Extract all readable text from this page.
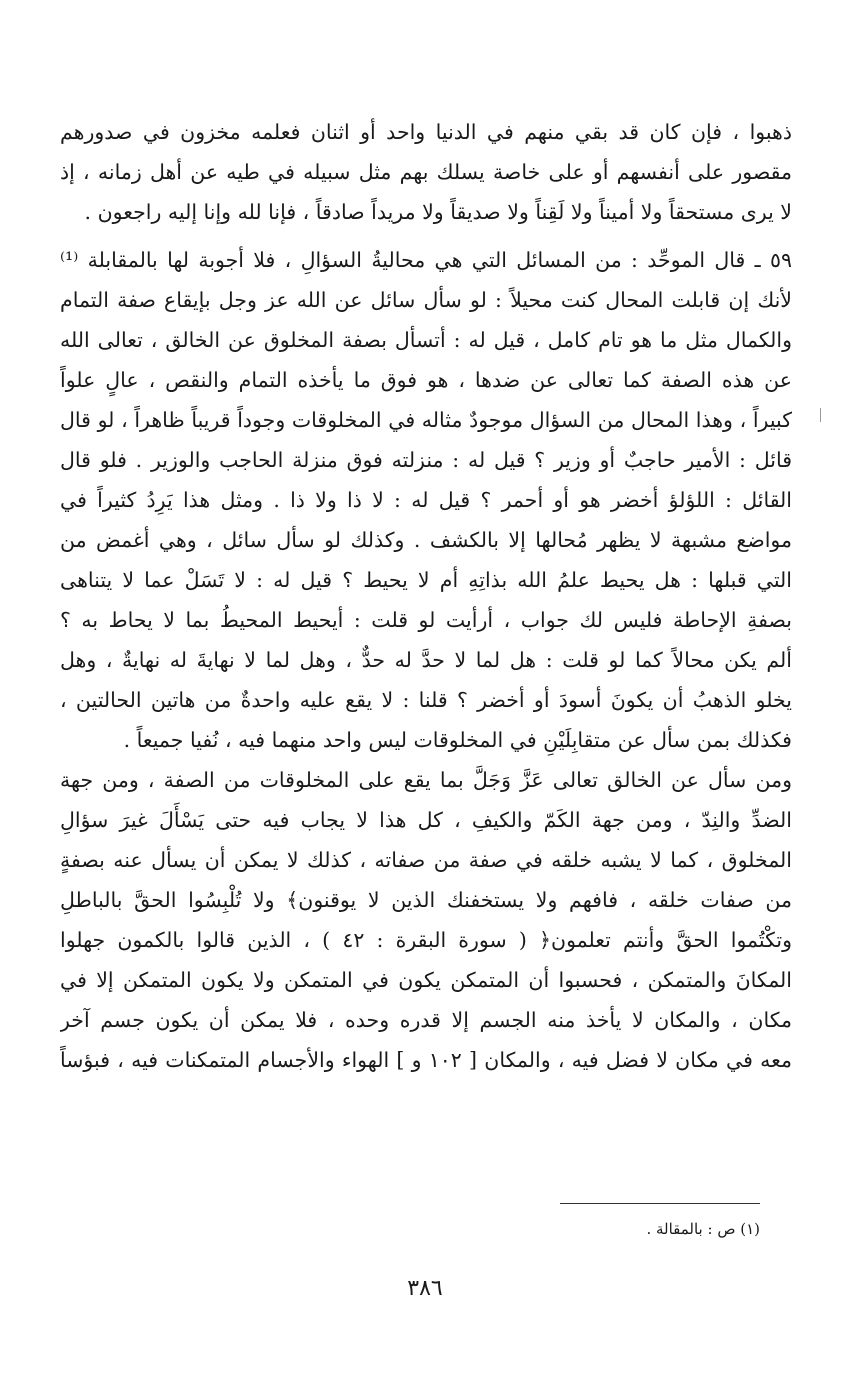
ذهبوا ، فإن كان قد بقي منهم في الدنيا واحد أو اثنان فعلمه مخزون في صدورهم
مقصور على أنفسهم أو على خاصة يسلك بهم مثل سبيله في طيه عن أهل زمانه ، إذ
لا يرى مستحقاً ولا أميناً ولا لَقِناً ولا صديقاً ولا مريداً صادقاً ، فإنا لله وإنا إليه راجعون .
٥٩ ـ قال الموحِّد : من المسائل التي هي محاليةُ السؤالِ ، فلا أجوبة لها بالمقابلة ⁽¹⁾
لأنك إن قابلت المحال كنت محيلاً : لو سأل سائل عن الله عز وجل بإيقاع صفة التمام
والكمال مثل ما هو تام كامل ، قيل له : أتسأل بصفة المخلوق عن الخالق ، تعالى الله
عن هذه الصفة كما تعالى عن ضدها ، هو فوق ما يأخذه التمام والنقص ، عالٍ علواً
كبيراً ، وهذا المحال من السؤال موجودٌ مثاله في المخلوقات وجوداً قريباً ظاهراً ، لو قال
قائل : الأمير حاجبٌ أو وزير ؟ قيل له : منزلته فوق منزلة الحاجب والوزير . فلو قال
القائل : اللؤلؤ أخضر هو أو أحمر ؟ قيل له : لا ذا ولا ذا . ومثل هذا يَرِدُ كثيراً في
مواضع مشبهة لا يظهر مُحالها إلا بالكشف . وكذلك لو سأل سائل ، وهي أغمض من
التي قبلها : هل يحيط علمُ الله بذاتِهِ أم لا يحيط ؟ قيل له : لا تَسَلْ عما لا يتناهى
بصفةِ الإحاطة فليس لك جواب ، أرأيت لو قلت : أيحيط المحيطُ بما لا يحاط به ؟
ألم يكن محالاً كما لو قلت : هل لما لا حدَّ له حدٌّ ، وهل لما لا نهايةَ له نهايةٌ ، وهل
يخلو الذهبُ أن يكونَ أسودَ أو أخضر ؟ قلنا : لا يقع عليه واحدةٌ من هاتين الحالتين ،
فكذلك بمن سأل عن متقابِلَيْنِ في المخلوقات ليس واحد منهما فيه ، نُفيا جميعاً .
ومن سأل عن الخالق تعالى عَزَّ وَجَلَّ بما يقع على المخلوقات من الصفة ، ومن جهة
الضدِّ والنِدّ ، ومن جهة الكَمّ والكيفِ ، كل هذا لا يجاب فيه حتى يَسْأَلَ غيرَ سؤالِ
المخلوق ، كما لا يشبه خلقه في صفة من صفاته ، كذلك لا يمكن أن يسأل عنه بصفةٍ
من صفات خلقه ، فافهم ولا يستخفنك الذين لا يوقنون﴾ ولا تُلْبِسُوا الحقَّ بالباطلِ
وتكْتُموا الحقَّ وأنتم تعلمون﴿ ( سورة البقرة : ٤٢ ) ، الذين قالوا بالكمون جهلوا
المكانَ والمتمكن ، فحسبوا أن المتمكن يكون في المتمكن ولا يكون المتمكن إلا في
مكان ، والمكان لا يأخذ منه الجسم إلا قدره وحده ، فلا يمكن أن يكون جسم آخر
معه في مكان لا فضل فيه ، والمكان [ ١٠٢ و ] الهواء والأجسام المتمكنات فيه ، فبؤساً
(١) ص : بالمقالة .
٣٨٦
